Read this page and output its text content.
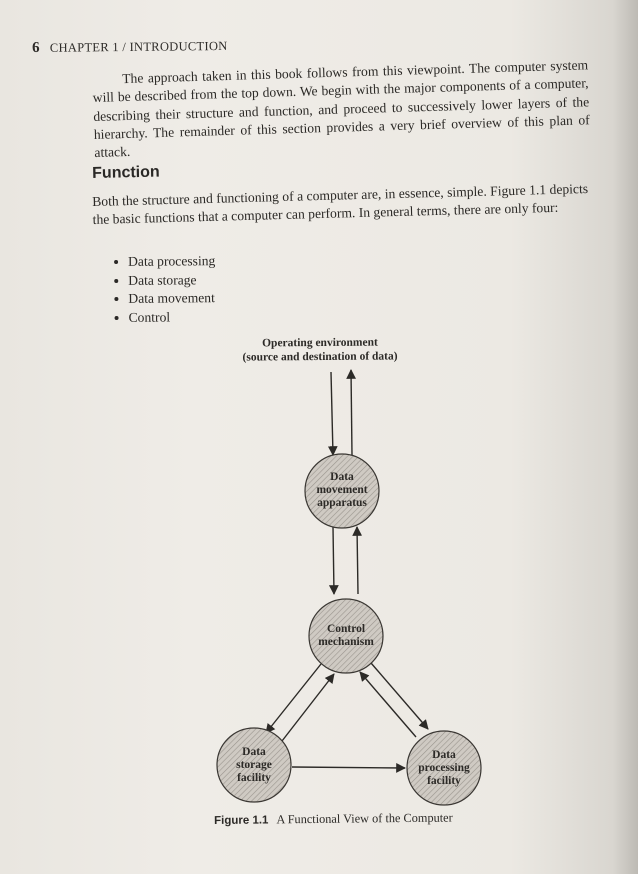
6 CHAPTER 1 / INTRODUCTION

The approach taken in this book follows from this viewpoint. The computer system will be described from the top down. We begin with the major components of a computer, describing their structure and function, and proceed to successively lower layers of the hierarchy. The remainder of this section provides a very brief overview of this plan of attack.

Function

Both the structure and functioning of a computer are, in essence, simple. Figure 1.1 depicts the basic functions that a computer can perform. In general terms, there are only four:

Data processing
Data storage
Data movement
Control
Operating environment
(source and destination of data)
Data
movement
apparatus
Control
mechanism
Data
storage
facility
Data
processing
facility
Figure 1.1 A Functional View of the Computer
